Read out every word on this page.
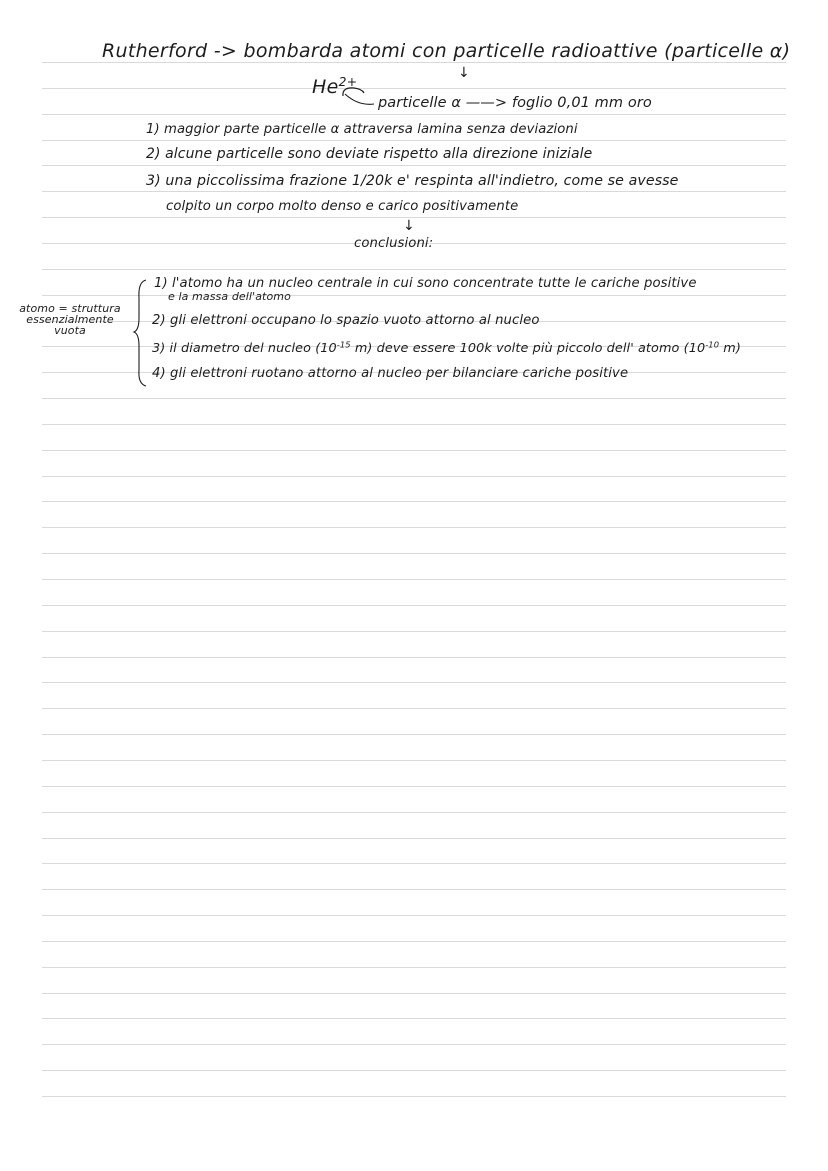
Rutherford -> bombarda atomi con particelle radioattive (particelle α)
$He^{2+}$
↓
particelle α ——> foglio 0,01 mm oro
1) maggior parte particelle α attraversa lamina senza deviazioni
2) alcune particelle sono deviate rispetto alla direzione iniziale
3) una piccolissima frazione 1/20k e' respinta all'indietro, come se avesse
colpito un corpo molto denso e carico positivamente
↓
conclusioni:
atomo = struttura
essenzialmente
vuota
1) l'atomo ha un nucleo centrale in cui sono concentrate tutte le cariche positive
e la massa dell'atomo
2) gli elettroni occupano lo spazio vuoto attorno al nucleo
3) il diametro del nucleo ($10^{-15}$ m) deve essere 100k volte più piccolo dell' atomo ($10^{-10}$ m)
4) gli elettroni ruotano attorno al nucleo per bilanciare cariche positive
